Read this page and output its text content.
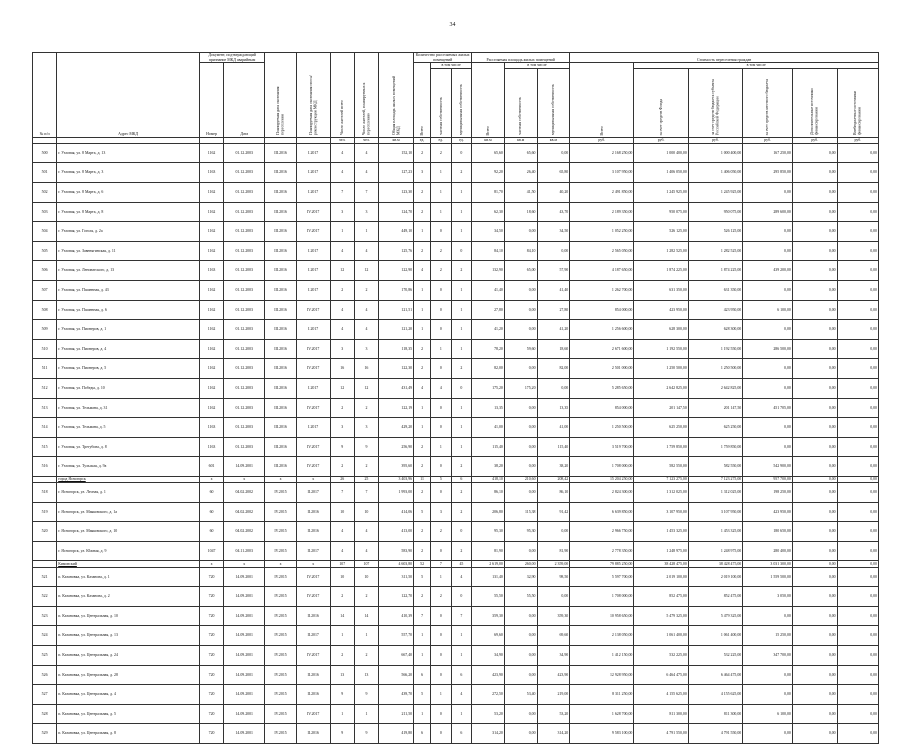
34
№ п/п	Адрес МКД	Документ, подтверждающий признание МКД аварийным		Планируемая дата окончания переселения	Планируемая дата окончания сноса/реконструкции МКД	Число жителей всего	Число жителей, планируемых к переселению	Общая площадь жилых помещений МКД	Количество расселяемых жилых помещений			Расселяемая площадь жилых помещений			Стоимость переселения граждан					
		Номер	Дата						Всего	в том числе		Всего	в том числе		Всего	в том числе				
										частная собственность	муниципальная собственность		частная собственность	муниципальная собственность		за счет средств Фонда	за счет средств бюджета субъекта Российской Федерации	за счет средств местного бюджета	Дополнительные источники финансирования	Внебюджетные источники финансирования
						чел.	чел.	кв.м	ед.	ед.	ед.	кв.м	кв.м	кв.м	руб.	руб.	руб.	руб.	руб.	руб.
500	г. Узловая, ул. 8 Марта, д. 13	1162	01.12.2003	III.2016	I.2017	4	4	152,10	2	2	0	65,60	65,60	0,00	2 168 250,00	1 000 400,00	1 000 400,00	167 250,00	0,00	0,00
501	г. Узловая, ул. 8 Марта, д. 3	1163	01.12.2003	III.2016	I.2017	4	4	127,23	3	1	2	92,20	26,40	65,80	3 107 950,00	1 406 050,00	1 406 050,00	295 850,00	0,00	0,00
502	г. Узловая, ул. 8 Марта, д. 6	1162	01.12.2003	III.2016	I.2017	7	7	123,30	2	1	1	81,70	41,50	40,20	2 491 850,00	1 245 925,00	1 245 925,00	0,00	0,00	0,00
503	г. Узловая, ул. 8 Марта, д. 8	1162	01.12.2003	III.2016	IV.2017	3	3	124,70	2	1	1	62,30	18,60	43,70	2 189 350,00	950 075,00	950 075,00	289 600,00	0,00	0,00
504	г. Узловая, ул. Гоголя, д. 2а	1162	01.12.2003	III.2016	IV.2017	1	1	449,10	1	0	1	34,50	0,00	34,50	1 052 250,00	526 125,00	526 125,00	0,00	0,00	0,00
505	г. Узловая, ул. Завенягинская, д. 11	1162	01.12.2003	III.2016	I.2017	4	4	125,76	2	2	0	84,10	84,10	0,00	2 565 050,00	1 282 525,00	1 282 525,00	0,00	0,00	0,00
506	г. Узловая, ул. Леноватского, д. 13	1163	01.12.2003	III.2016	I.2017	12	12	122,90	4	2	2	132,90	65,00	57,90	4 187 650,00	1 874 225,00	1 874 225,00	439 200,00	0,00	0,00
507	г. Узловая, ул. Пашенная, д. 43	1162	01.12.2003	III.2016	I.2017	2	2	170,86	1	0	1	41,40	0,00	41,40	1 262 700,00	631 350,00	631 350,00	0,00	0,00	0,00
508	г. Узловая, ул. Пашенная, д. 6	1162	01.12.2003	III.2016	IV.2017	4	4	121,51	1	0	1	27,80	0,00	27,80	854 000,00	423 950,00	423 950,00	6 100,00	0,00	0,00
509	г. Узловая, ул. Пионеров, д. 1	1162	01.12.2003	III.2016	I.2017	4	4	121,20	1	0	1	41,20	0,00	41,20	1 256 600,00	628 300,00	628 300,00	0,00	0,00	0,00
510	г. Узловая, ул. Пионеров, д. 4	1162	01.12.2003	III.2016	IV.2017	3	3	118,35	2	1	1	78,20	59,60	18,60	2 671 600,00	1 192 550,00	1 192 550,00	286 500,00	0,00	0,00
511	г. Узловая, ул. Пионеров, д. 5	1162	01.12.2003	III.2016	IV.2017	16	16	122,30	2	0	2	82,00	0,00	82,00	2 501 000,00	1 250 500,00	1 250 500,00	0,00	0,00	0,00
512	г. Узловая, ул. Победы, д. 10	1162	01.12.2003	III.2016	I.2017	12	12	431,49	4	4	0	175,20	175,20	0,00	5 285 650,00	2 642 825,00	2 642 825,00	0,00	0,00	0,00
513	г. Узловая, ул. Тельмана, д. 31	1162	01.12.2003	III.2016	IV.2017	2	2	122,19	1	0	1	13,35	0,00	13,35	854 000,00	201 147,50	201 147,50	451 705,00	0,00	0,00
514	г. Узловая, ул. Тельмана, д. 5	1163	01.12.2003	III.2016	I.2017	3	3	429,20	1	0	1	41,00	0,00	41,00	1 250 500,00	625 250,00	625 250,00	0,00	0,00	0,00
515	г. Узловая, ул. Трегубова, д. 8	1163	01.12.2003	III.2016	IV.2017	9	9	256,90	2	1	1	115,40	0,00	115,40	3 519 700,00	1 759 850,00	1 759 850,00	0,00	0,00	0,00
516	г. Узловая, ул. Тульская, д. 9а	601	14.09.2001	III.2016	IV.2017	2	2	395,60	2	0	2	38,20	0,00	38,20	1 708 000,00	582 550,00	582 550,00	542 900,00	0,00	0,00
	город Ясногорск	x	x	x	x	26	25	3 403,96	11	5	6	418,10	210,60	208,42	15 204 250,00	7 123 275,00	7 123 275,00	957 700,00	0,00	0,00
518	г. Ясногорск, ул. Лесная, д. 1	60	04.02.2002	IV.2015	II.2017	7	7	1 993,00	2	0	2	86,10	0,00	86,10	2 824 300,00	1 312 025,00	1 312 025,00	198 250,00	0,00	0,00
519	г. Ясногорск, ул. Маяковского, д. 1а	60	04.02.2002	IV.2015	II.2016	10	10	414,06	5	3	2	206,80	115,38	91,42	6 639 850,00	3 107 950,00	3 107 950,00	423 950,00	0,00	0,00
520	г. Ясногорск, ул. Маяковского, д. 10	60	04.02.2002	IV.2015	II.2016	4	4	413,00	2	2	0	95,30	95,30	0,00	2 966 750,00	1 453 325,00	1 453 325,00	180 650,00	0,00	0,00
	г. Ясногорск, ул. Южная, д. 9	1047	04.11.2003	IV.2015	II.2017	4	4	583,90	2	0	2	81,90	0,00	81,90	2 778 350,00	1 248 975,00	1 248 975,00	280 400,00	0,00	0,00
	Кимовский	x	x	x	x	107	107	4 603,80	52	7	45	2 619,00	260,00	2 359,00	79 885 250,00	38 428 475,00	38 428 475,00	3 031 300,00	0,00	0,00
521	п. Казановка, ул. Казанова, д. 1	720	14.09.2001	IV.2015	IV.2017	10	10	311,50	5	1	4	131,40	32,90	98,50	5 597 700,00	2 019 100,00	2 019 100,00	1 559 500,00	0,00	0,00
522	п. Казановка, ул. Казанова, д. 2	720	14.09.2001	IV.2015	IV.2017	2	2	122,70	2	2	0	55,50	55,50	0,00	1 708 000,00	852 475,00	852 475,00	3 050,00	0,00	0,00
523	п. Казановка, ул. Центральная, д. 10	720	14.09.2001	IV.2015	II.2016	14	14	410,39	7	0	7	359,30	0,00	359,30	10 958 650,00	5 479 325,00	5 479 325,00	0,00	0,00	0,00
524	п. Казановка, ул. Центральная, д. 13	720	14.09.2001	IV.2015	II.2017	1	1	557,70	1	0	1	69,60	0,00	69,60	2 138 050,00	1 061 400,00	1 061 400,00	15 250,00	0,00	0,00
525	п. Казановка, ул. Центральная, д. 24	720	14.09.2001	IV.2015	IV.2017	2	2	667,40	1	0	1	34,90	0,00	34,90	1 412 150,00	532 225,00	532 225,00	347 700,00	0,00	0,00
526	п. Казановка, ул. Центральная, д. 28	720	14.09.2001	IV.2015	II.2016	13	13	566,20	6	0	6	423,90	0,00	423,90	12 928 950,00	6 464 475,00	6 464 475,00	0,00	0,00	0,00
527	п. Казановка, ул. Центральная, д. 4	720	14.09.2001	IV.2015	II.2016	9	9	439,70	5	1	4	272,50	53,40	219,00	8 311 250,00	4 155 625,00	4 155 625,00	0,00	0,00	0,00
528	п. Казановка, ул. Центральная, д. 5	720	14.09.2001	IV.2015	IV.2017	1	1	211,50	1	0	1	53,20	0,00	53,20	1 628 700,00	811 300,00	811 300,00	6 100,00	0,00	0,00
529	п. Казановка, ул. Центральная, д. 8	720	14.09.2001	IV.2015	II.2016	9	9	419,80	6	0	6	314,20	0,00	314,20	9 583 100,00	4 791 550,00	4 791 550,00	0,00	0,00	0,00
